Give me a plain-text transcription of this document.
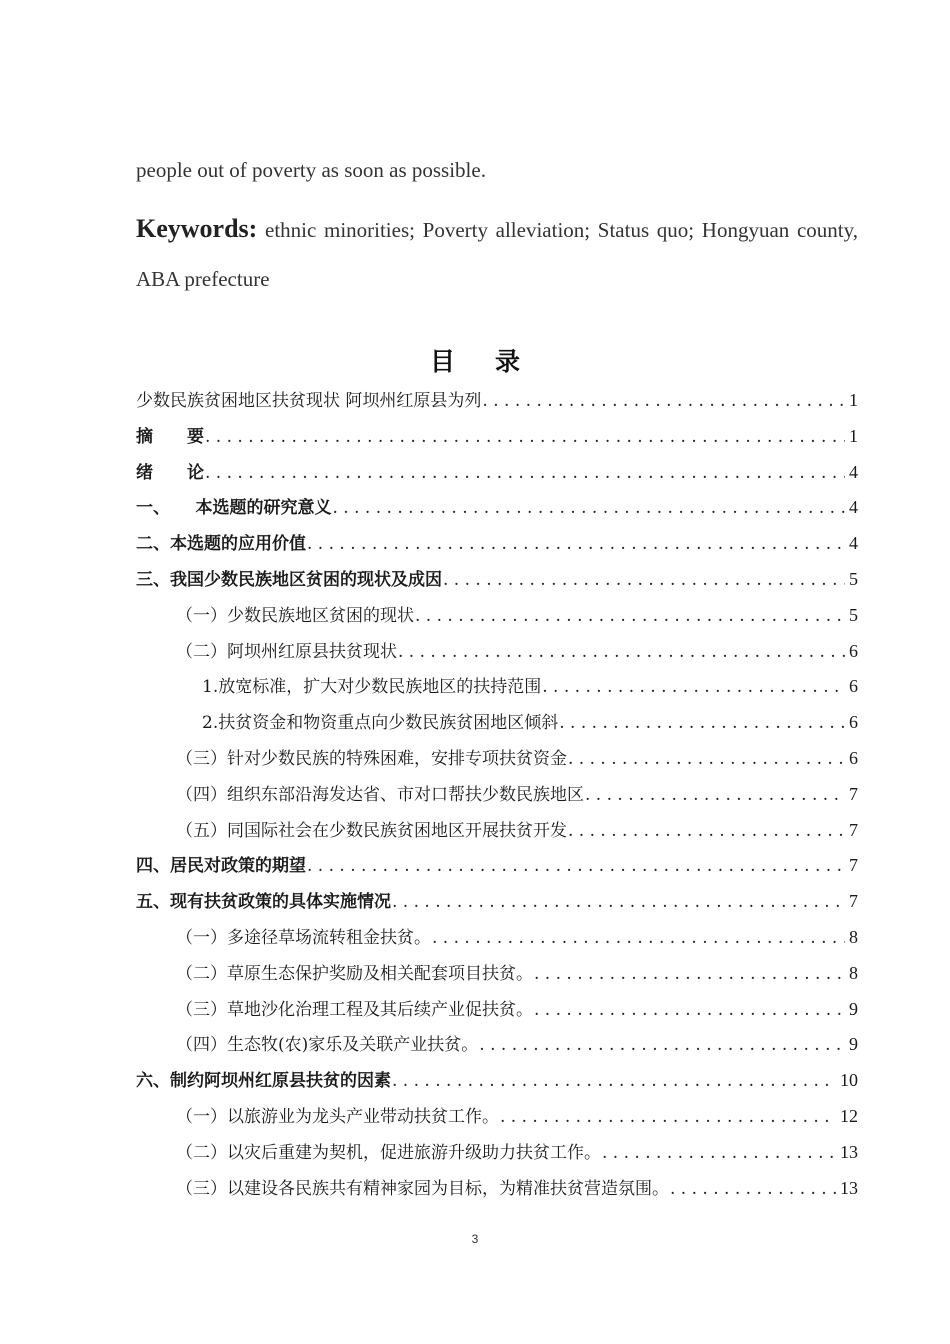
people out of poverty as soon as possible.
Keywords: ethnic minorities; Poverty alleviation; Status quo; Hongyuan county, ABA prefecture
目录
少数民族贫困地区扶贫现状 阿坝州红原县为列 . . .	1
摘　　要 . . .	1
绪　　论 . . .	4
一、　　本选题的研究意义 . . .	4
二、本选题的应用价值 . . .	4
三、我国少数民族地区贫困的现状及成因 . . .	5
（一）少数民族地区贫困的现状 . . .	5
（二）阿坝州红原县扶贫现状 . . .	6
1.放宽标准，扩大对少数民族地区的扶持范围 . . .	6
2.扶贫资金和物资重点向少数民族贫困地区倾斜 . . .	6
（三）针对少数民族的特殊困难，安排专项扶贫资金 . . .	6
（四）组织东部沿海发达省、市对口帮扶少数民族地区 . . .	7
（五）同国际社会在少数民族贫困地区开展扶贫开发 . . .	7
四、居民对政策的期望 . . .	7
五、现有扶贫政策的具体实施情况 . . .	7
（一）多途径草场流转租金扶贫。 . . .	8
（二）草原生态保护奖励及相关配套项目扶贫。 . . .	8
（三）草地沙化治理工程及其后续产业促扶贫。 . . .	9
（四）生态牧(农)家乐及关联产业扶贫。 . . .	9
六、制约阿坝州红原县扶贫的因素 . . .	10
（一）以旅游业为龙头产业带动扶贫工作。 . . .	12
（二）以灾后重建为契机，促进旅游升级助力扶贫工作。 . . .	13
（三）以建设各民族共有精神家园为目标，为精准扶贫营造氛围。 . . .	13
3
